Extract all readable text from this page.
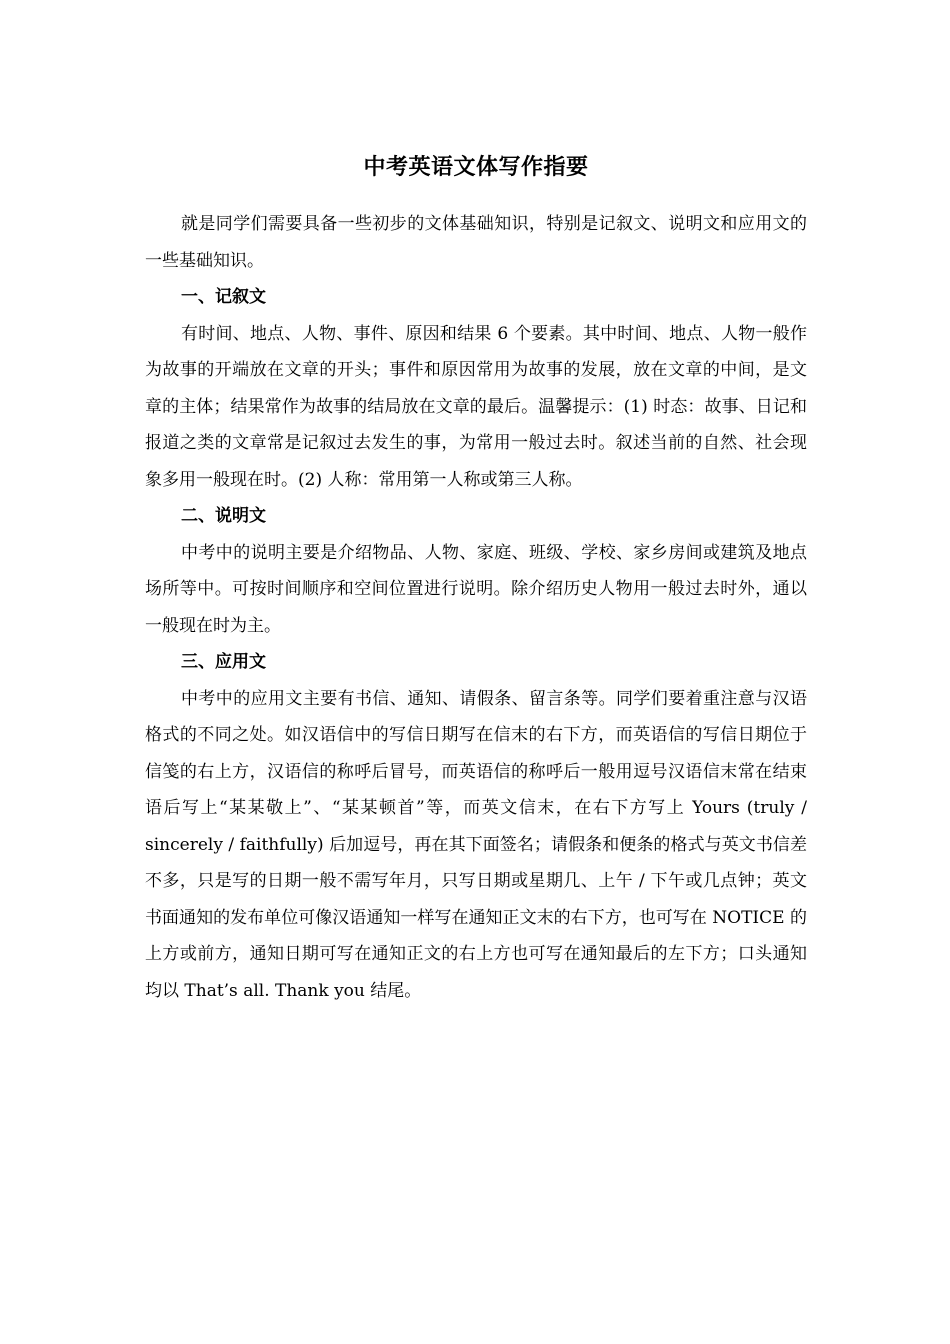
中考英语文体写作指要

就是同学们需要具备一些初步的文体基础知识，特别是记叙文、说明文和应用文的一些基础知识。

一、记叙文

有时间、地点、人物、事件、原因和结果 6 个要素。其中时间、地点、人物一般作为故事的开端放在文章的开头；事件和原因常用为故事的发展，放在文章的中间，是文章的主体；结果常作为故事的结局放在文章的最后。温馨提示：(1) 时态：故事、日记和报道之类的文章常是记叙过去发生的事，为常用一般过去时。叙述当前的自然、社会现象多用一般现在时。(2) 人称：常用第一人称或第三人称。

二、说明文

中考中的说明主要是介绍物品、人物、家庭、班级、学校、家乡房间或建筑及地点场所等中。可按时间顺序和空间位置进行说明。除介绍历史人物用一般过去时外，通以一般现在时为主。

三、应用文

中考中的应用文主要有书信、通知、请假条、留言条等。同学们要着重注意与汉语格式的不同之处。如汉语信中的写信日期写在信末的右下方，而英语信的写信日期位于信笺的右上方，汉语信的称呼后冒号，而英语信的称呼后一般用逗号汉语信末常在结束语后写上“某某敬上”、“某某顿首”等，而英文信末，在右下方写上 Yours (truly / sincerely / faithfully) 后加逗号，再在其下面签名；请假条和便条的格式与英文书信差不多，只是写的日期一般不需写年月，只写日期或星期几、上午 / 下午或几点钟；英文书面通知的发布单位可像汉语通知一样写在通知正文末的右下方，也可写在 NOTICE 的上方或前方，通知日期可写在通知正文的右上方也可写在通知最后的左下方；口头通知均以 That’s all. Thank you 结尾。
